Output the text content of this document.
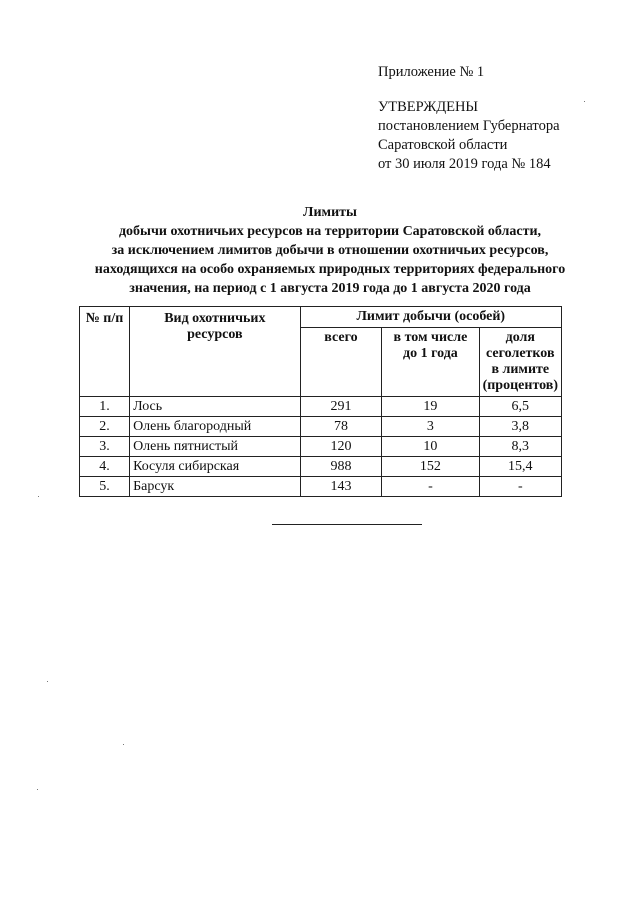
Приложение № 1
УТВЕРЖДЕНЫ
постановлением Губернатора
Саратовской области
от 30 июля 2019 года № 184
Лимиты
добычи охотничьих ресурсов на территории Саратовской области,
за исключением лимитов добычи в отношении охотничьих ресурсов,
находящихся на особо охраняемых природных территориях федерального
значения, на период с 1 августа 2019 года до 1 августа 2020 года
№ п/п	Вид охотничьих ресурсов	Лимит добычи (особей)		
		всего	в том числе до 1 года	доля сеголетков в лимите (процентов)
1.	Лось	291	19	6,5
2.	Олень благородный	78	3	3,8
3.	Олень пятнистый	120	10	8,3
4.	Косуля сибирская	988	152	15,4
5.	Барсук	143	-	-
